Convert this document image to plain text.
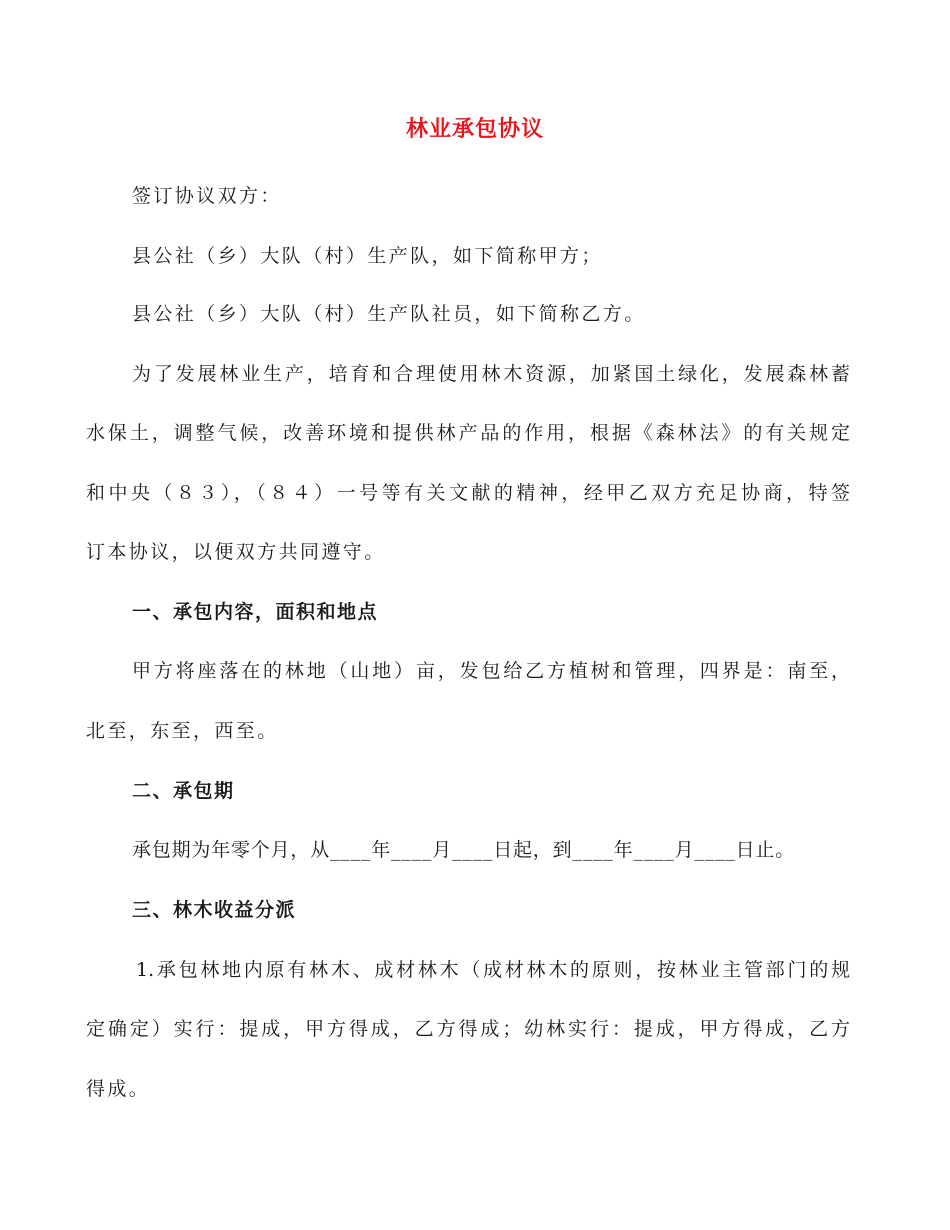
林业承包协议

签订协议双方：

县公社（乡）大队（村）生产队，如下简称甲方；

县公社（乡）大队（村）生产队社员，如下简称乙方。

为了发展林业生产，培育和合理使用林木资源，加紧国土绿化，发展森林蓄

水保土，调整气候，改善环境和提供林产品的作用，根据《森林法》的有关规定

和中央（８３），（８４）一号等有关文献的精神，经甲乙双方充足协商，特签

订本协议，以便双方共同遵守。

一、承包内容，面积和地点

甲方将座落在的林地（山地）亩，发包给乙方植树和管理，四界是：南至，

北至，东至，西至。

二、承包期

承包期为年零个月，从____年____月____日起，到____年____月____日止。

三、林木收益分派

1.承包林地内原有林木、成材林木（成材林木的原则，按林业主管部门的规

定确定）实行：提成，甲方得成，乙方得成；幼林实行：提成，甲方得成，乙方

得成。
